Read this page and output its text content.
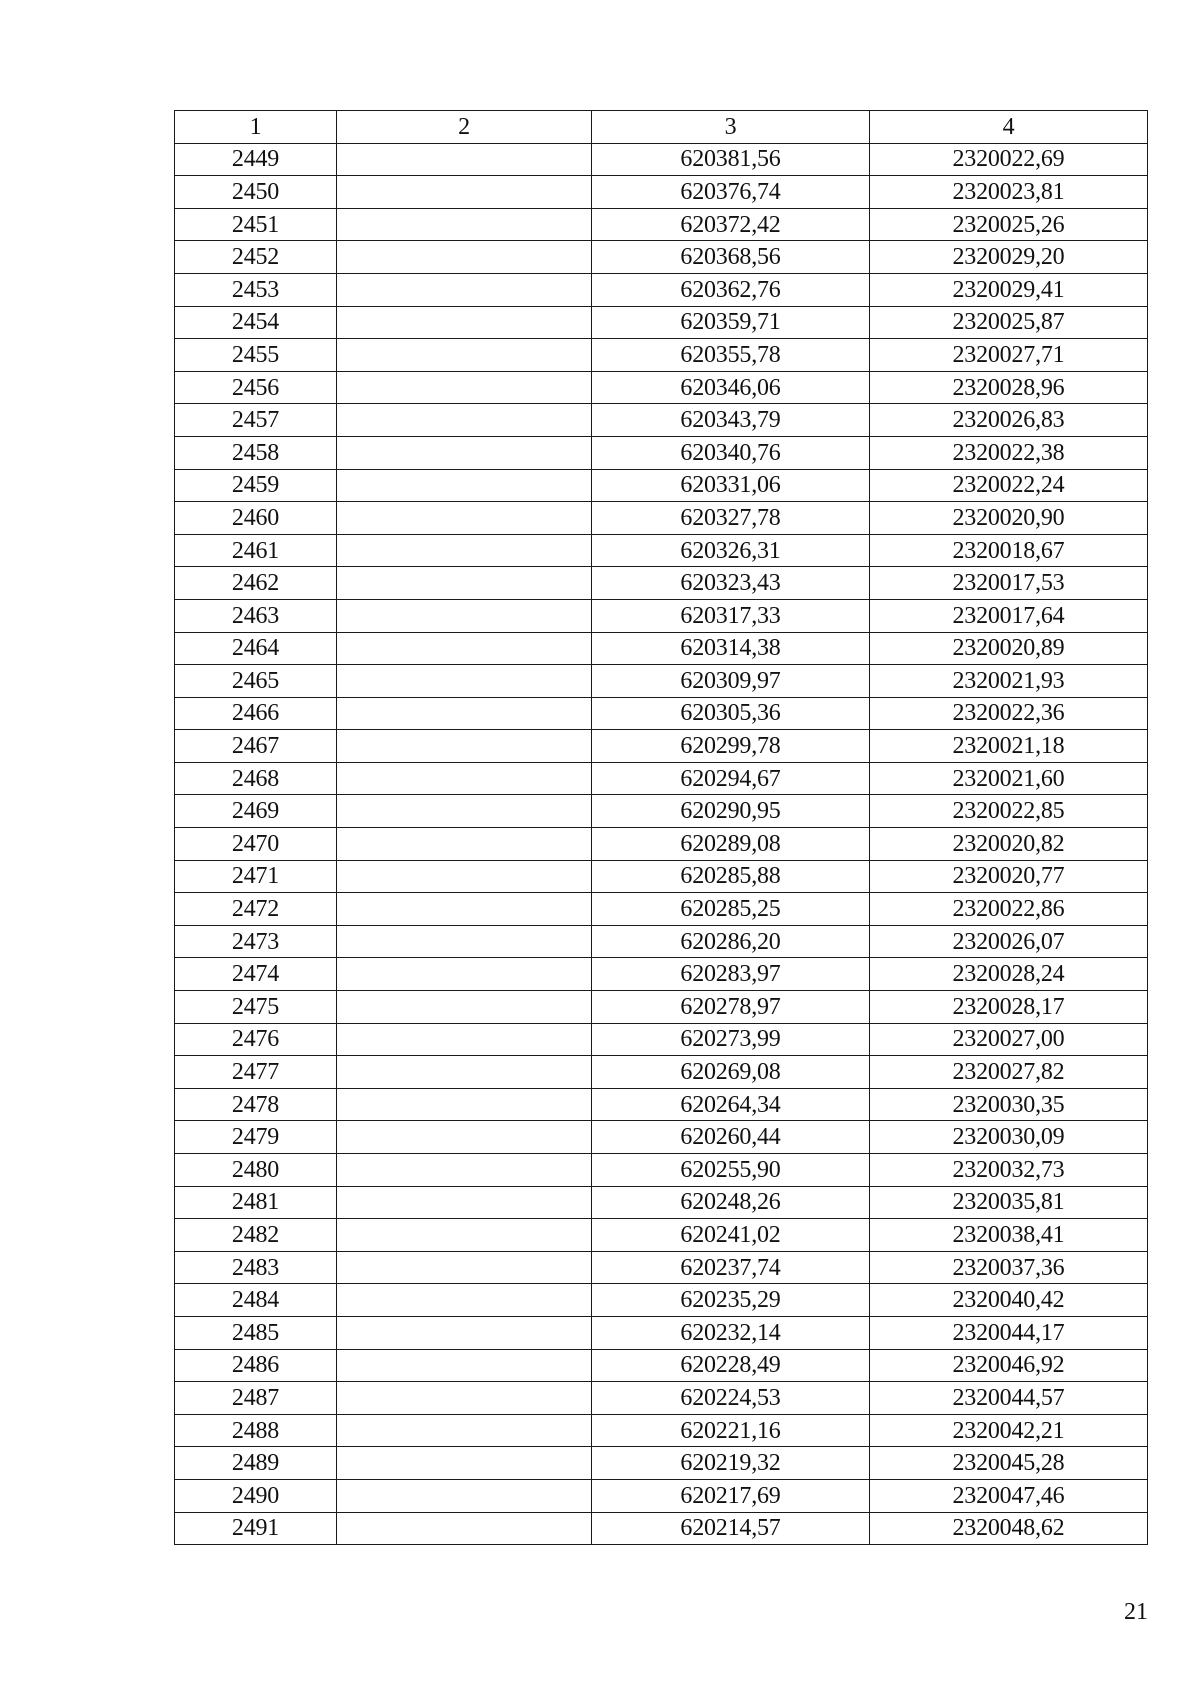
1	2	3	4
2449		620381,56	2320022,69
2450		620376,74	2320023,81
2451		620372,42	2320025,26
2452		620368,56	2320029,20
2453		620362,76	2320029,41
2454		620359,71	2320025,87
2455		620355,78	2320027,71
2456		620346,06	2320028,96
2457		620343,79	2320026,83
2458		620340,76	2320022,38
2459		620331,06	2320022,24
2460		620327,78	2320020,90
2461		620326,31	2320018,67
2462		620323,43	2320017,53
2463		620317,33	2320017,64
2464		620314,38	2320020,89
2465		620309,97	2320021,93
2466		620305,36	2320022,36
2467		620299,78	2320021,18
2468		620294,67	2320021,60
2469		620290,95	2320022,85
2470		620289,08	2320020,82
2471		620285,88	2320020,77
2472		620285,25	2320022,86
2473		620286,20	2320026,07
2474		620283,97	2320028,24
2475		620278,97	2320028,17
2476		620273,99	2320027,00
2477		620269,08	2320027,82
2478		620264,34	2320030,35
2479		620260,44	2320030,09
2480		620255,90	2320032,73
2481		620248,26	2320035,81
2482		620241,02	2320038,41
2483		620237,74	2320037,36
2484		620235,29	2320040,42
2485		620232,14	2320044,17
2486		620228,49	2320046,92
2487		620224,53	2320044,57
2488		620221,16	2320042,21
2489		620219,32	2320045,28
2490		620217,69	2320047,46
2491		620214,57	2320048,62
21
